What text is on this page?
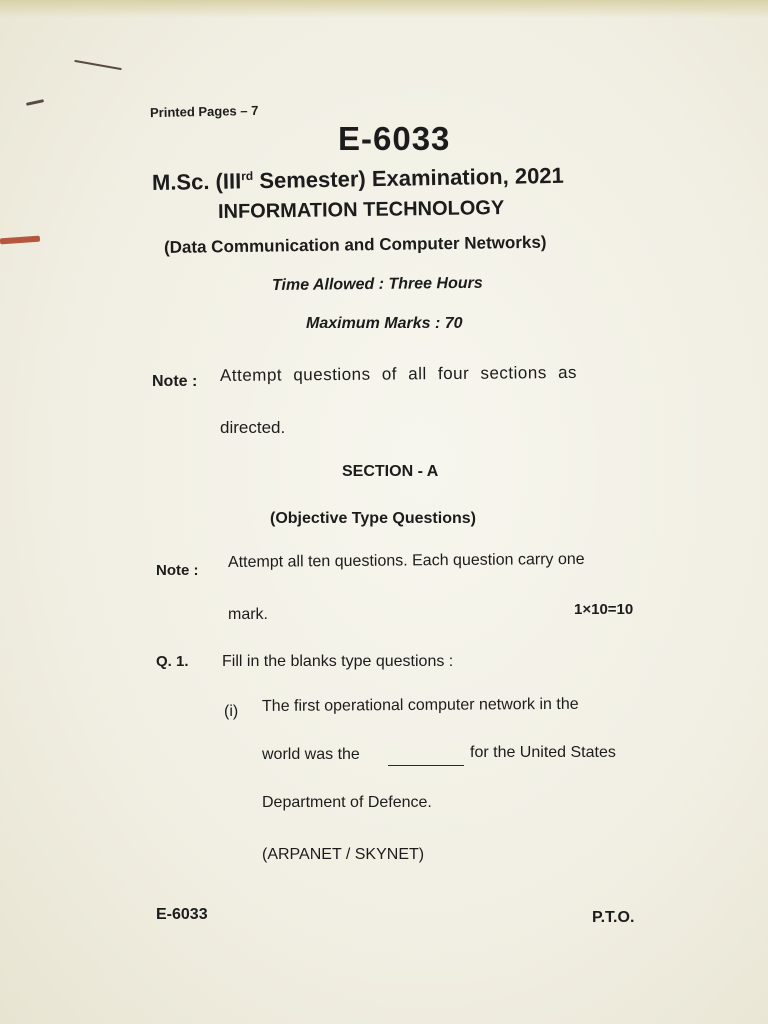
Printed Pages – 7
E-6033
M.Sc. (IIIrd Semester) Examination, 2021
INFORMATION TECHNOLOGY
(Data Communication and Computer Networks)
Time Allowed : Three Hours
Maximum Marks : 70
Note : Attempt questions of all four sections as
directed.
SECTION - A
(Objective Type Questions)
Note : Attempt all ten questions. Each question carry one
mark.	1×10=10
Q. 1. Fill in the blanks type questions :
(i) The first operational computer network in the
world was the	for the United States
Department of Defence.
(ARPANET / SKYNET)
E-6033	P.T.O.
